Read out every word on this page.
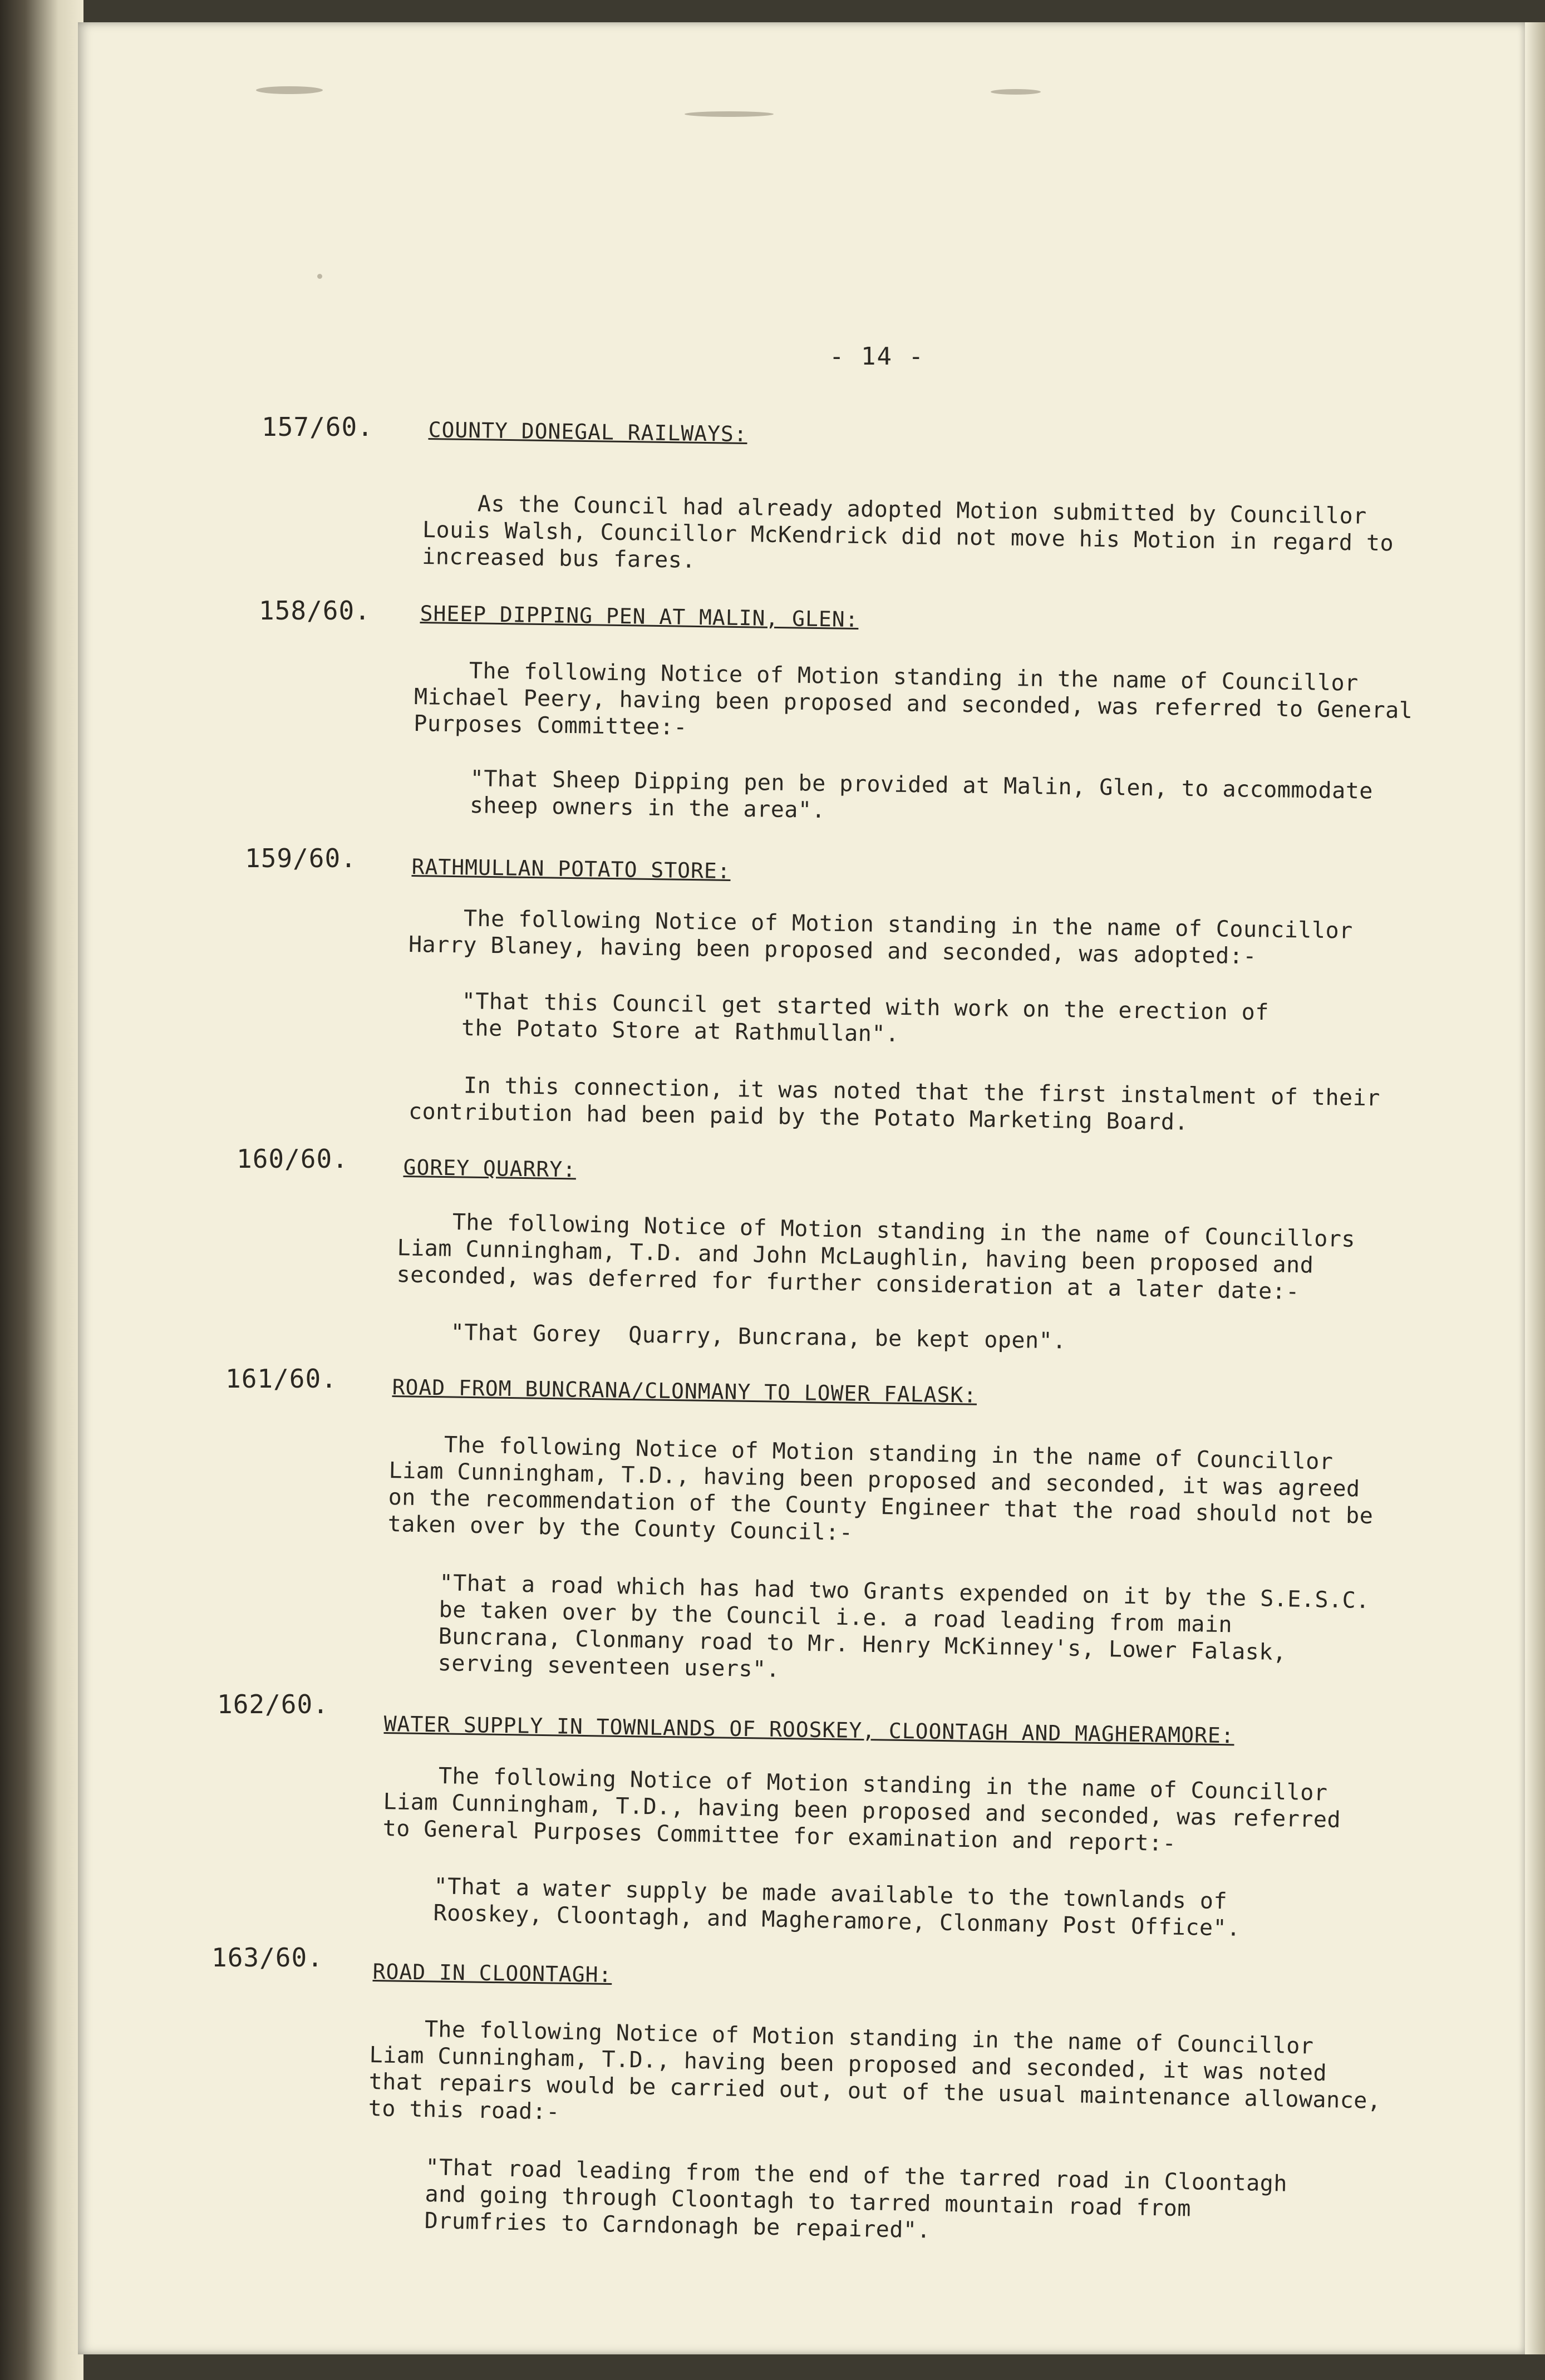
- 14 -
157/60.	COUNTY DONEGAL RAILWAYS:
As the Council had already adopted Motion submitted by Councillor
Louis Walsh, Councillor McKendrick did not move his Motion in regard to
increased bus fares.
158/60. SHEEP DIPPING PEN AT MALIN, GLEN:
The following Notice of Motion standing in the name of Councillor
Michael Peery, having been proposed and seconded, was referred to General
Purposes Committee:-
"That Sheep Dipping pen be provided at Malin, Glen, to accommodate
sheep owners in the area".
159/60.	RATHMULLAN POTATO STORE:
The following Notice of Motion standing in the name of Councillor
Harry Blaney, having been proposed and seconded, was adopted:-
"That this Council get started with work on the erection of
the Potato Store at Rathmullan".
In this connection, it was noted that the first instalment of their
contribution had been paid by the Potato Marketing Board.
160/60.	GOREY QUARRY:
The following Notice of Motion standing in the name of Councillors
Liam Cunningham, T.D. and John McLaughlin, having been proposed and
seconded, was deferred for further consideration at a later date:-
"That Gorey  Quarry, Buncrana, be kept open".
161/60.	ROAD FROM BUNCRANA/CLONMANY TO LOWER FALASK:
The following Notice of Motion standing in the name of Councillor
Liam Cunningham, T.D., having been proposed and seconded, it was agreed
on the recommendation of the County Engineer that the road should not be
taken over by the County Council:-
"That a road which has had two Grants expended on it by the S.E.S.C.
be taken over by the Council i.e. a road leading from main
Buncrana, Clonmany road to Mr. Henry McKinney's, Lower Falask,
serving seventeen users".
162/60.
WATER SUPPLY IN TOWNLANDS OF ROOSKEY, CLOONTAGH AND MAGHERAMORE:
The following Notice of Motion standing in the name of Councillor
Liam Cunningham, T.D., having been proposed and seconded, was referred
to General Purposes Committee for examination and report:-
"That a water supply be made available to the townlands of
Rooskey, Cloontagh, and Magheramore, Clonmany Post Office".
163/60.
ROAD IN CLOONTAGH:
The following Notice of Motion standing in the name of Councillor
Liam Cunningham, T.D., having been proposed and seconded, it was noted
that repairs would be carried out, out of the usual maintenance allowance,
to this road:-
"That road leading from the end of the tarred road in Cloontagh
and going through Cloontagh to tarred mountain road from
Drumfries to Carndonagh be repaired".
